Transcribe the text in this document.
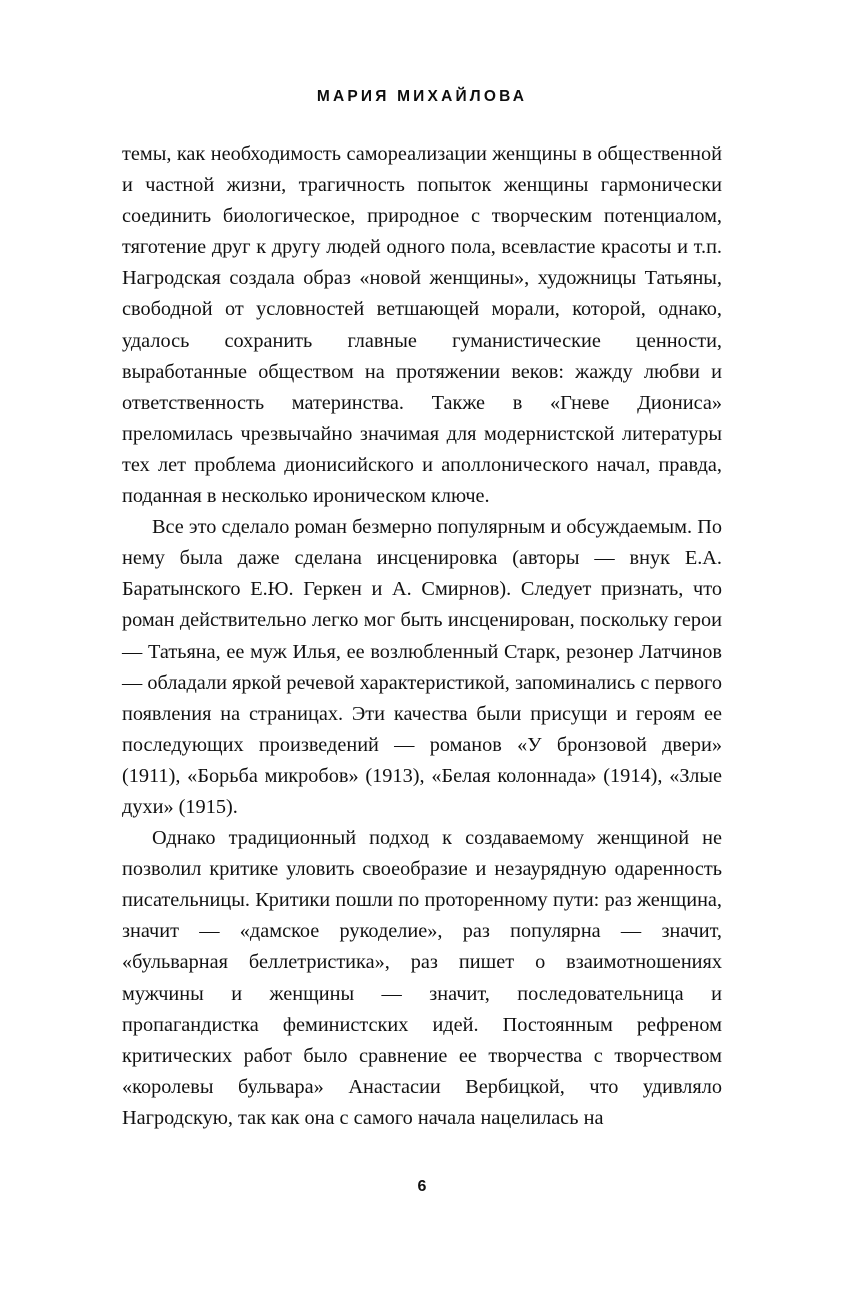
МАРИЯ МИХАЙЛОВА

темы, как необходимость самореализации женщины в общественной и частной жизни, трагичность попыток женщины гармонически соединить биологическое, природное с творческим потенциалом, тяготение друг к другу людей одного пола, всевластие красоты и т.п. Нагродская создала образ «новой женщины», художницы Татьяны, свободной от условностей ветшающей морали, которой, однако, удалось сохранить главные гуманистические ценности, выработанные обществом на протяжении веков: жажду любви и ответственность материнства. Также в «Гневе Диониса» преломилась чрезвычайно значимая для модернистской литературы тех лет проблема дионисийского и аполлонического начал, правда, поданная в несколько ироническом ключе.

Все это сделало роман безмерно популярным и обсуждаемым. По нему была даже сделана инсценировка (авторы — внук Е.А. Баратынского Е.Ю. Геркен и А. Смирнов). Следует признать, что роман действительно легко мог быть инсценирован, поскольку герои — Татьяна, ее муж Илья, ее возлюбленный Старк, резонер Латчинов — обладали яркой речевой характеристикой, запоминались с первого появления на страницах. Эти качества были присущи и героям ее последующих произведений — романов «У бронзовой двери» (1911), «Борьба микробов» (1913), «Белая колоннада» (1914), «Злые духи» (1915).

Однако традиционный подход к создаваемому женщиной не позволил критике уловить своеобразие и незаурядную одаренность писательницы. Критики пошли по проторенному пути: раз женщина, значит — «дамское рукоделие», раз популярна — значит, «бульварная беллетристика», раз пишет о взаимотношениях мужчины и женщины — значит, последовательница и пропагандистка феминистских идей. Постоянным рефреном критических работ было сравнение ее творчества с творчеством «королевы бульвара» Анастасии Вербицкой, что удивляло Нагродскую, так как она с самого начала нацелилась на

6
